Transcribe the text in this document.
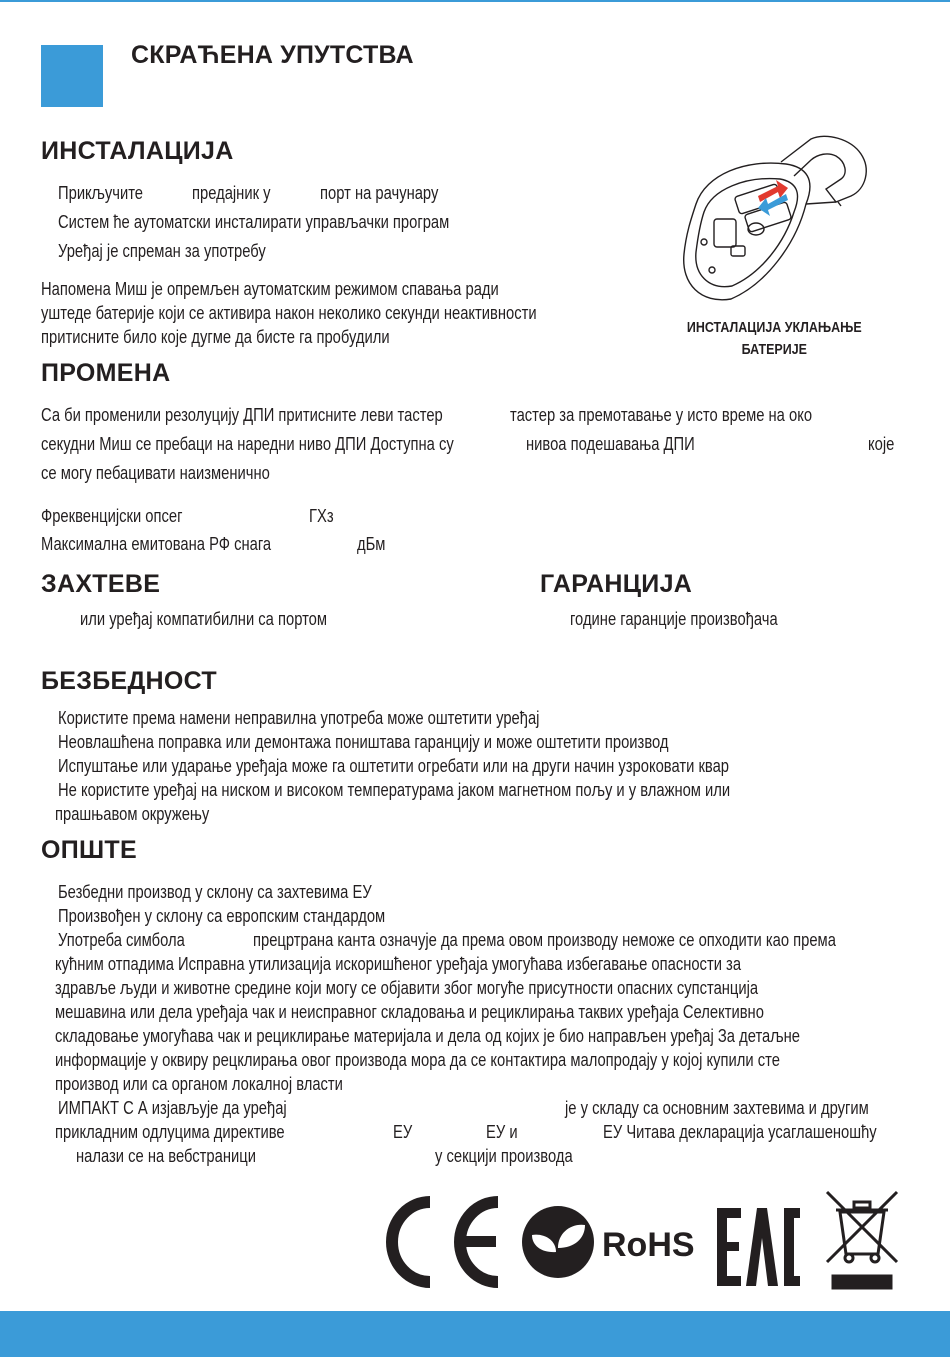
СКРАЋЕНА УПУТСТВА
ИНСТАЛАЦИЈА
Прикључите	предајник у	порт на рачунару
Систем ће аутоматски инсталирати управљачки програм
Уређај је спреман за употребу
Напомена Миш је опремљен аутоматским режимом спавања ради
уштеде батерије који се активира након неколико секунди неактивности
притисните било које дугме да бисте га пробудили	ИНСТАЛАЦИЈА УКЛАЊАЊЕ
БАТЕРИЈЕ
ПРОМЕНА
Са би променили резолуцију ДПИ притисните леви тастер	тастер за премотавање у исто време на око
секудни Миш се пребаци на наредни ниво ДПИ Доступна су	нивоа подешавања ДПИ	које
се могу пебацивати наизменично
Фреквенцијски опсег	ГХз
Максимална емитована РФ снага	дБм
ЗАХТЕВЕ
или уређај компатибилни са портом
ГАРАНЦИЈА
године гаранције произвођача
БЕЗБЕДНОСТ
Користите према намени неправилна употреба може оштетити уређај
Неовлашћена поправка или демонтажа поништава гаранцију и може оштетити производ
Испуштање или ударање уређаја може га оштетити огребати или на други начин узроковати квар
Не користите уређај на ниском и високом температурама јаком магнетном пољу и у влажном или
прашњавом окружењу
ОПШТЕ
Безбедни производ у склону са захтевима ЕУ
Произвођен у склону са европским стандардом
Употреба симбола	прецртрана канта означује да према овом производу неможе се опходити као према
кућним отпадима Исправна утилизација искоришћеног уређаја умогућава избегавање опасности за
здравље људи и животне средине који могу се објавити због могуће присутности опасних супстанција
мешавина или дела уређаја чак и неисправног складовања и рециклирања таквих уређаја Селективно
складовање умогућава чак и рециклирање материјала и дела од којих је био направљен уређај За детаљне
информације у оквиру рецклирања овог производа мора да се контактира малопродају у којој купили сте
производ или са органом локалној власти
ИМПАКТ С А изјављује да уређај	је у складу са основним захтевима и другим
прикладним одлуцима директиве	ЕУ	ЕУ и	ЕУ Читава декларација усаглашеношћу
налази се на вебстраници	у секцији производа
RoHS
